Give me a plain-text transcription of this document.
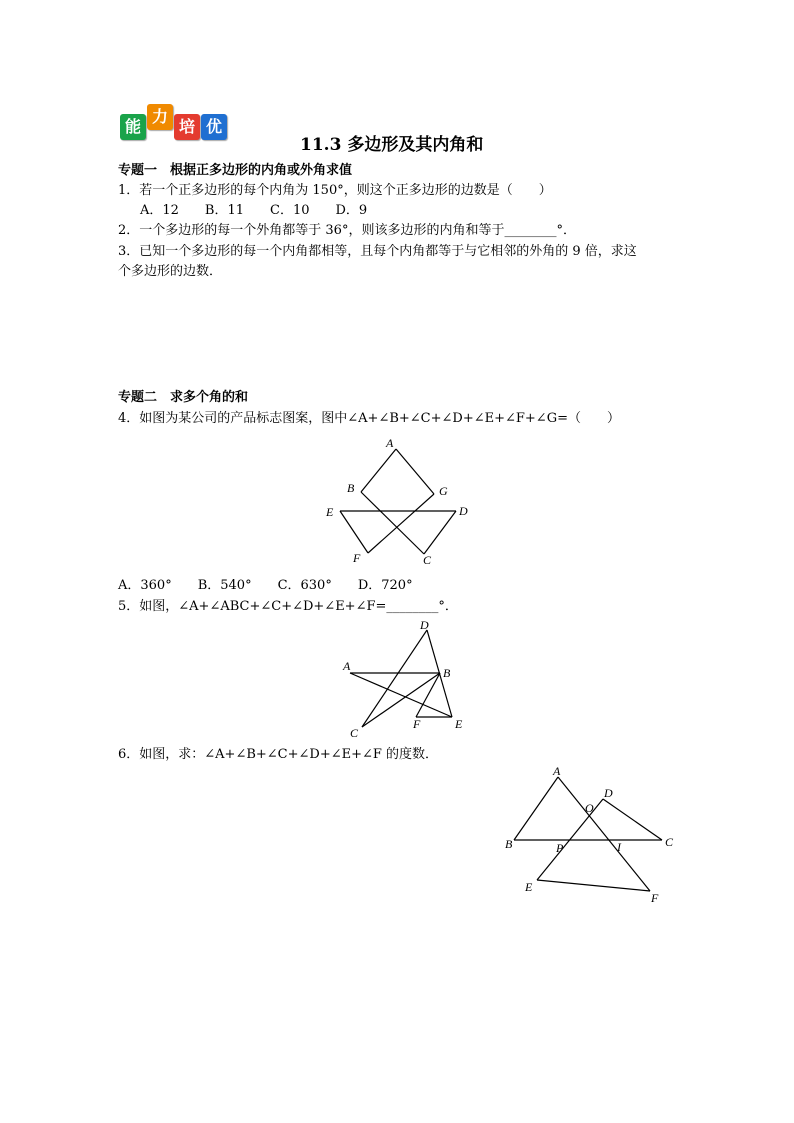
能
力
培 优
11.3 多边形及其内角和
专题一　根据正多边形的内角或外角求值
1．若一个正多边形的每个内角为 150°，则这个正多边形的边数是（　　）
A．12　　B．11　　C．10　　D．9
2．一个多边形的每一个外角都等于 36°，则该多边形的内角和等于________°．
3．已知一个多边形的每一个内角都相等，且每个内角都等于与它相邻的外角的 9 倍，求这
个多边形的边数．
专题二　求多个角的和
4．如图为某公司的产品标志图案，图中∠A+∠B+∠C+∠D+∠E+∠F+∠G=（　　）
A
B	G
E	D
F	C
A．360°　　B．540°　　C．630°　　D．720°
5．如图，∠A+∠ABC+∠C+∠D+∠E+∠F=________°．
D
A	B
C
F	E
6．如图，求：∠A+∠B+∠C+∠D+∠E+∠F 的度数．
A
O
D
B	P	I	C
E
F
